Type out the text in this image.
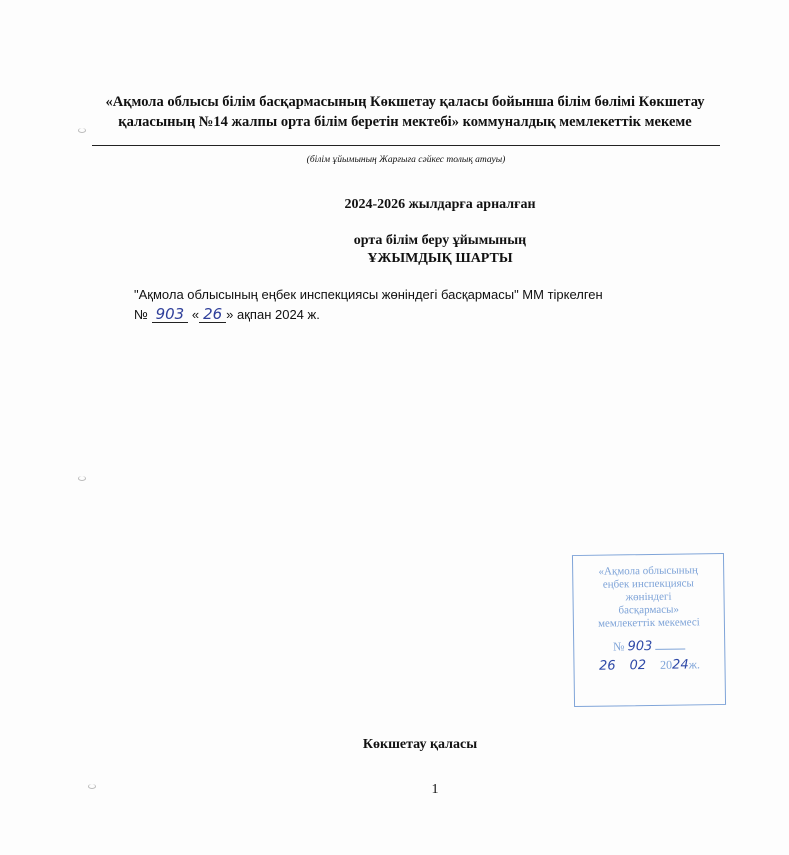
«Ақмола облысы білім басқармасының Көкшетау қаласы бойынша білім бөлімі Көкшетау
қаласының №14 жалпы орта білім беретін мектебі» коммуналдық мемлекеттік мекеме
(білім ұйымының Жарғыға сәйкес толық атауы)
2024-2026 жылдарға арналған
орта білім беру ұйымының
ҰЖЫМДЫҚ ШАРТЫ
"Ақмола облысының еңбек инспекциясы жөніндегі басқармасы" ММ тіркелген
№ 903 « 26 » ақпан 2024 ж.
«Ақмола облысының
еңбек инспекциясы
жөніндегі
басқармасы»
мемлекеттік мекемесі
№ 903
26 02 2024ж.
Көкшетау қаласы
1
